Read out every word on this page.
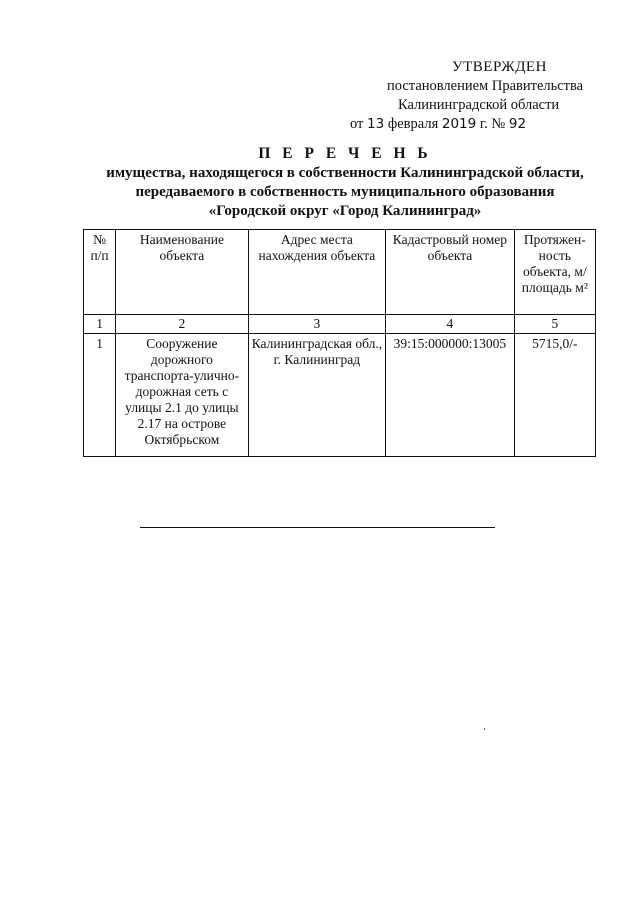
УТВЕРЖДЕН
постановлением Правительства
Калининградской области
от 13 февраля 2019 г. № 92
П Е Р Е Ч Е Н Ь
имущества, находящегося в собственности Калининградской области,
передаваемого в собственность муниципального образования
«Городской округ «Город Калининград»
№ п/п	Наименование объекта	Адрес места нахождения объекта	Кадастровый номер объекта	Протяжен-ность объекта, м/ площадь м²
1	2	3	4	5
1	Сооружение дорожного транспорта-улично-дорожная сеть с улицы 2.1 до улицы 2.17 на острове Октябрьском	Калининградская обл., г. Калининград	39:15:000000:13005	5715,0/-
